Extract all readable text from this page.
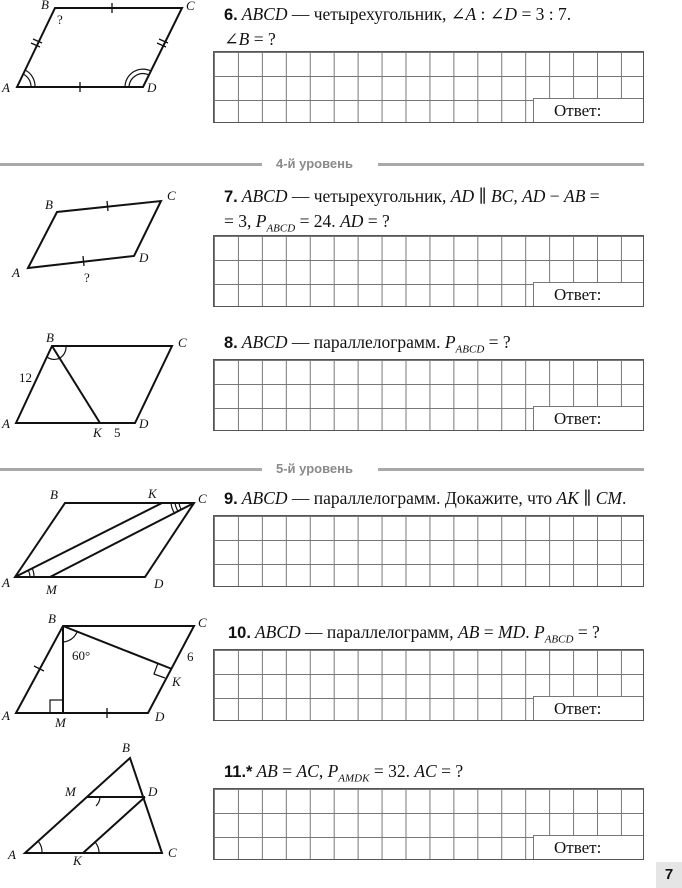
A
B	C
D
?	6. ABCD — четырехугольник, ∠A : ∠D = 3 : 7.
∠B = ?
Ответ:
4-й уровень
A
B
C
D
?
7. ABCD — четырехугольник, AD ∥ BC, AD − AB =
= 3, $P_{ABCD} = 24$. AD = ?
Ответ:
A
B	C
D
K
12
5
8. ABCD — параллелограмм. $P_{ABCD}$ = ?
Ответ:
5-й уровень
A
B	C
D
K
M
9. ABCD — параллелограмм. Докажите, что AK ∥ CM.
A
B	C
D
K
M
60°	6
10. ABCD — параллелограмм, AB = MD. $P_{ABCD}$ = ?
Ответ:
A
B
C
D
K
M
11.* AB = AC, $P_{AMDK} = 32$. AC = ?
Ответ:
7
